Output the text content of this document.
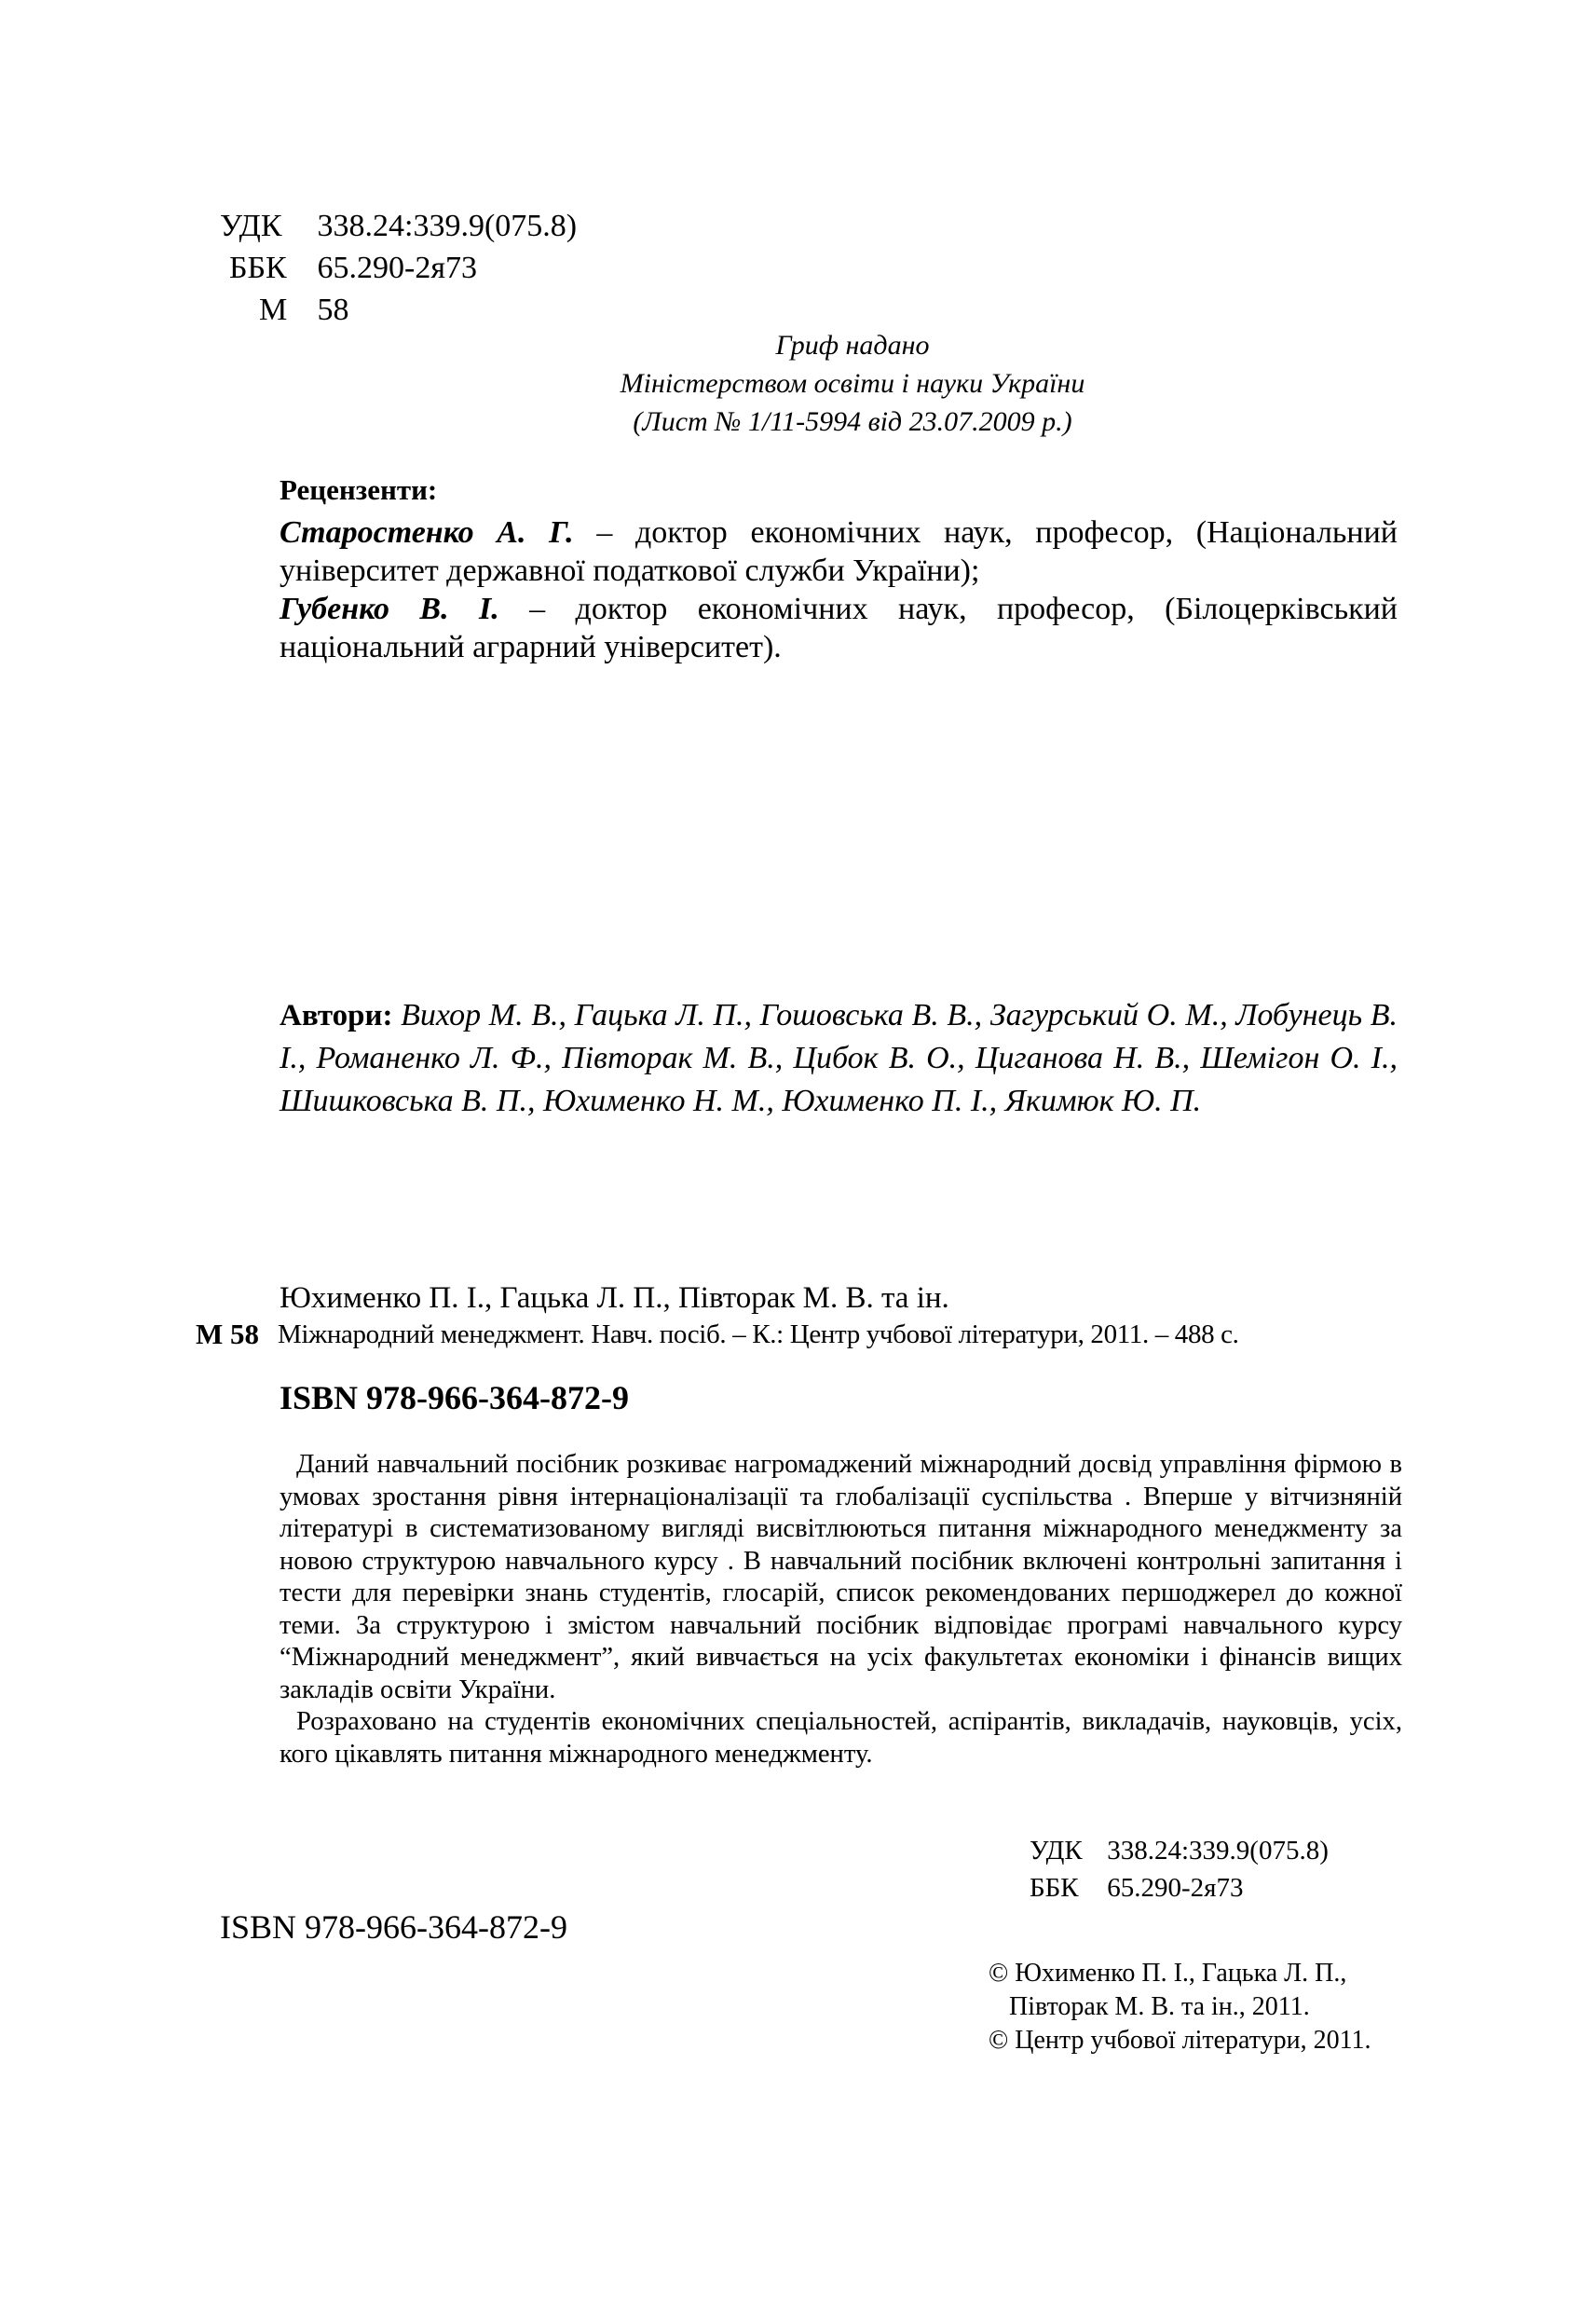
УДК 338.24:339.9(075.8)
ББК 65.290-2я73
М 58
Гриф надано
Міністерством освіти і науки України
(Лист № 1/11-5994 від 23.07.2009 р.)

Рецензенти:

Старостенко А. Г. – доктор економічних наук, професор, (Національний університет державної податкової служби України);

Губенко В. І. – доктор економічних наук, професор, (Білоцерківський національний аграрний університет).

Автори: Вихор М. В., Гацька Л. П., Гошовська В. В., Загурський О. М., Лобунець В. І., Романенко Л. Ф., Півторак М. В., Цибок В. О., Циганова Н. В., Шемігон О. І., Шишковська В. П., Юхименко Н. М., Юхименко П. І., Якимюк Ю. П.

Юхименко П. І., Гацька Л. П., Півторак М. В. та ін.
М 58 Міжнародний менеджмент. Навч. посіб. – К.: Центр учбової літератури, 2011. – 488 с.
ISBN 978-966-364-872-9

Даний навчальний посібник розкиває нагромаджений міжнародний досвід управління фірмою в умовах зростання рівня інтернаціоналізації та глобалізації суспільства . Вперше у вітчизняній літературі в систематизованому вигляді висвітлюються питання міжнародного менеджменту за новою структурою навчального курсу . В навчальний посібник включені контрольні запитання і тести для перевірки знань студентів, глосарій, список рекомендованих першоджерел до кожної теми. За структурою і змістом навчальний посібник відповідає програмі навчального курсу “Міжнародний менеджмент”, який вивчається на усіх факультетах економіки і фінансів вищих закладів освіти України.

Розраховано на студентів економічних спеціальностей, аспірантів, викладачів, науковців, усіх, кого цікавлять питання міжнародного менеджменту.

УДК 338.24:339.9(075.8)
ББК 65.290-2я73
ISBN 978-966-364-872-9
© Юхименко П. І., Гацька Л. П.,
Півторак М. В. та ін., 2011.
© Центр учбової літератури, 2011.
